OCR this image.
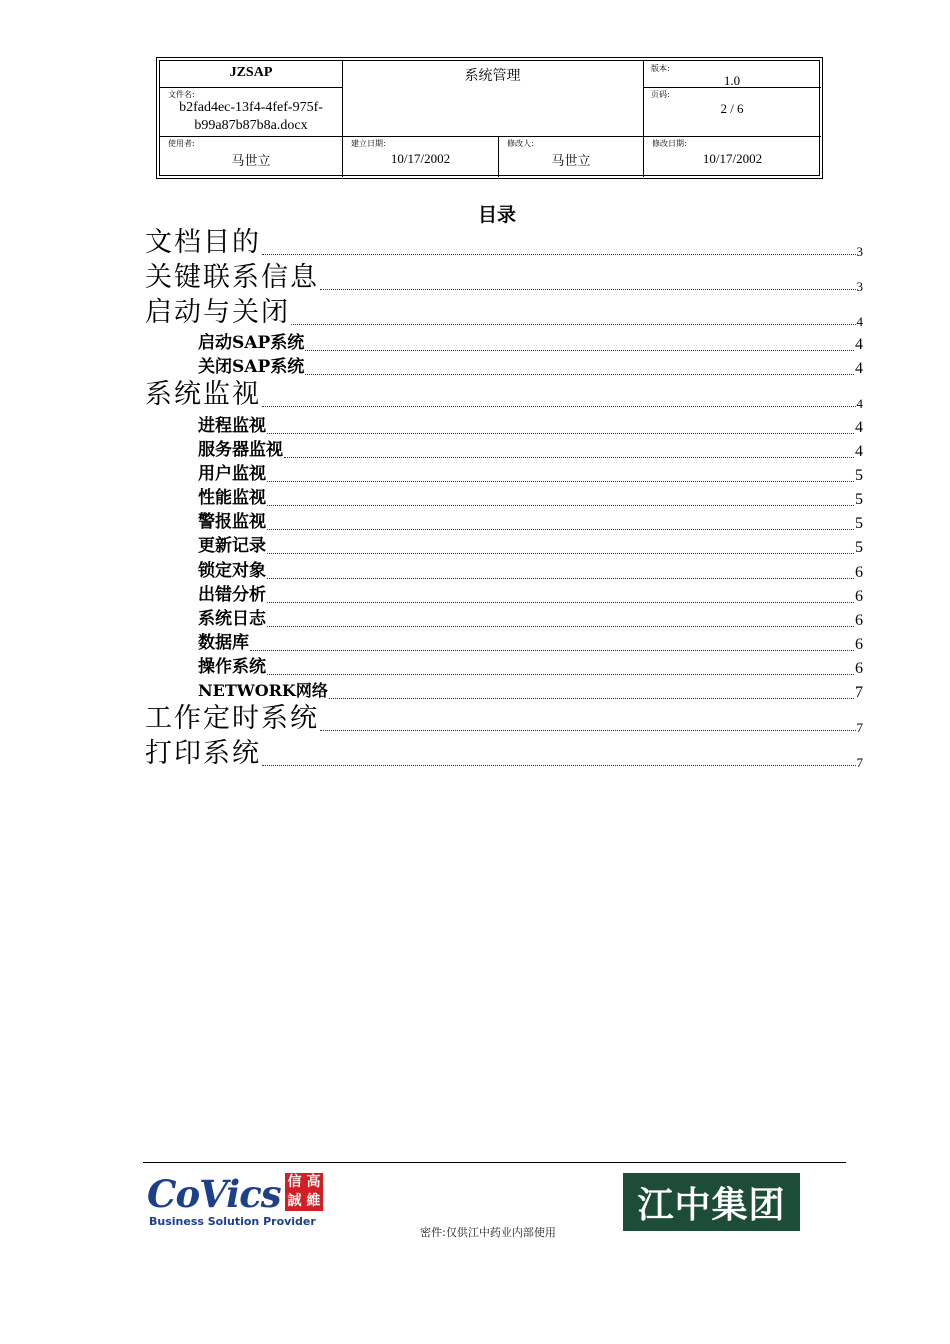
JZSAP	系统管理	版本:
1.0
文件名:
b2fad4ec-13f4-4fef-975f-
b99a87b87b8a.docx
页码:
2 / 6
使用者:
马世立
建立日期:
10/17/2002
修改人:
马世立
修改日期:
10/17/2002
目录
文档目的	3
关键联系信息	3
启动与关闭	4
启动SAP系统	4
关闭SAP系统	4
系统监视	4
进程监视	4
服务器监视	4
用户监视	5
性能监视	5
警报监视	5
更新记录	5
锁定对象	6
出错分析	6
系统日志	6
数据库	6
操作系统	6
NETWORK网络	7
工作定时系统	7
打印系统	7
CoVics 信 高
誠 維
Business Solution Provider	江中集团
密件:仅供江中药业内部使用
